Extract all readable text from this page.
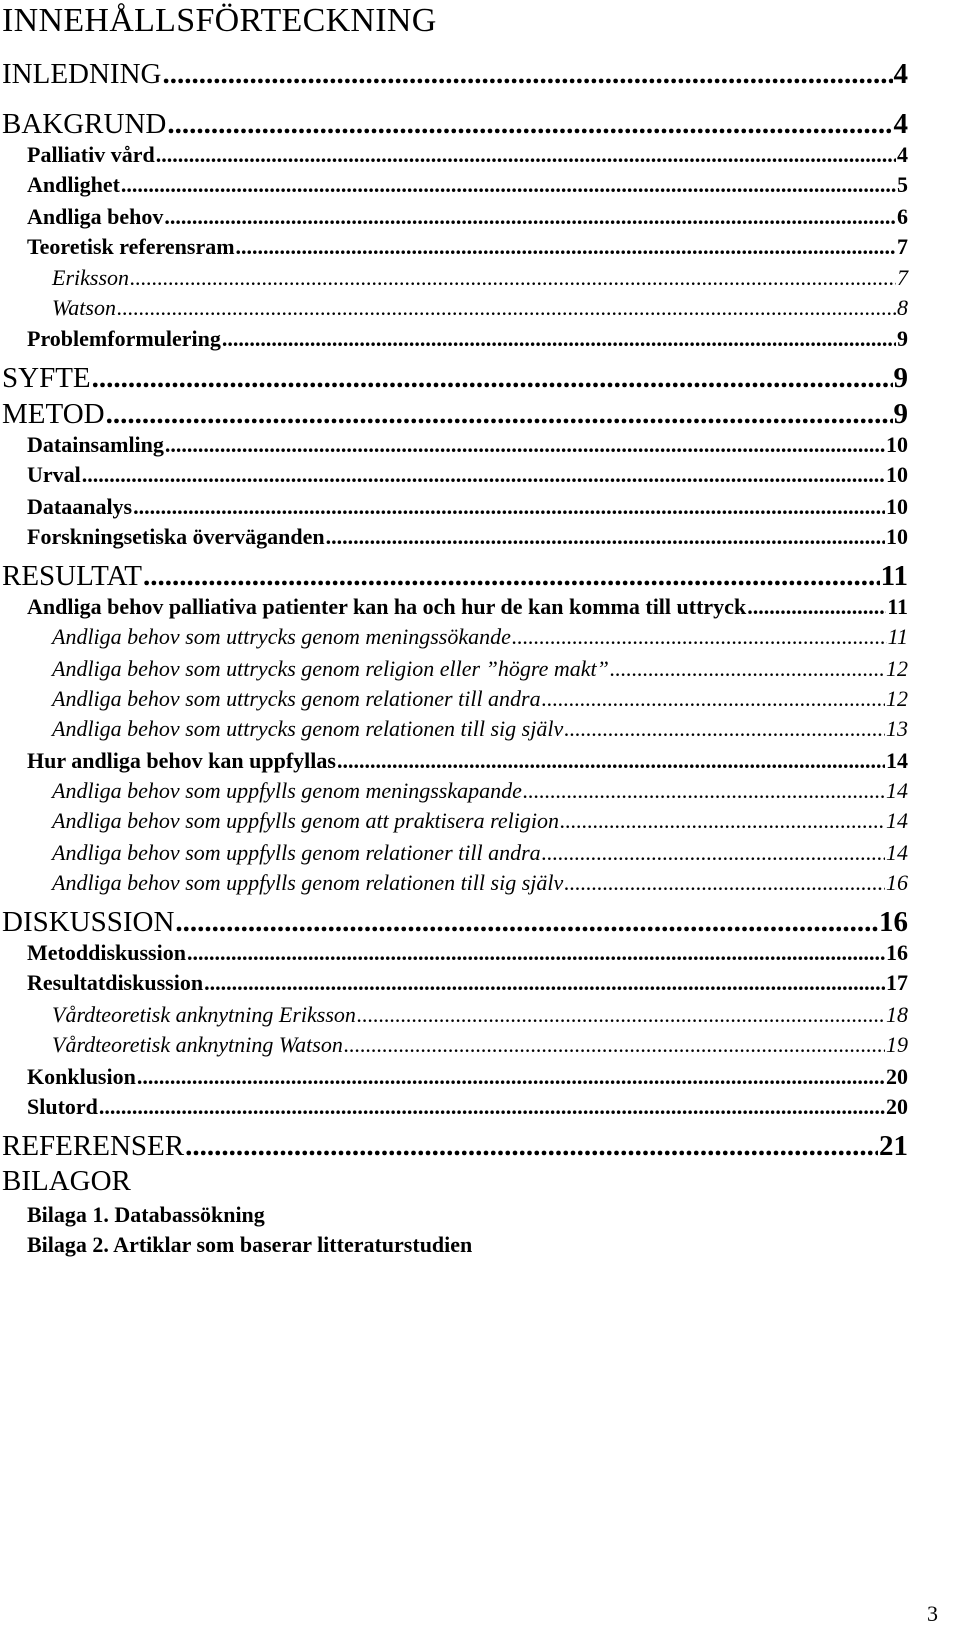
INNEHÅLLSFÖRTECKNING
INLEDNING .....	4
BAKGRUND .....	4
Palliativ vård .....	4
Andlighet .....	5
Andliga behov .....	6
Teoretisk referensram .....	7
Eriksson .....	7
Watson .....	8
Problemformulering .....	9
SYFTE .....	9
METOD .....	9
Datainsamling .....	10
Urval .....	10
Dataanalys .....	10
Forskningsetiska överväganden .....	10
RESULTAT .....	11
Andliga behov palliativa patienter kan ha och hur de kan komma till uttryck .....	11
Andliga behov som uttrycks genom meningssökande .....	11
Andliga behov som uttrycks genom religion eller ”högre makt” .....	12
Andliga behov som uttrycks genom relationer till andra .....	12
Andliga behov som uttrycks genom relationen till sig själv .....	13
Hur andliga behov kan uppfyllas .....	14
Andliga behov som uppfylls genom meningsskapande .....	14
Andliga behov som uppfylls genom att praktisera religion .....	14
Andliga behov som uppfylls genom relationer till andra .....	14
Andliga behov som uppfylls genom relationen till sig själv .....	16
DISKUSSION .....	16
Metoddiskussion .....	16
Resultatdiskussion .....	17
Vårdteoretisk anknytning Eriksson .....	18
Vårdteoretisk anknytning Watson .....	19
Konklusion .....	20
Slutord .....	20
REFERENSER .....	21
BILAGOR
Bilaga 1. Databassökning
Bilaga 2. Artiklar som baserar litteraturstudien
3
